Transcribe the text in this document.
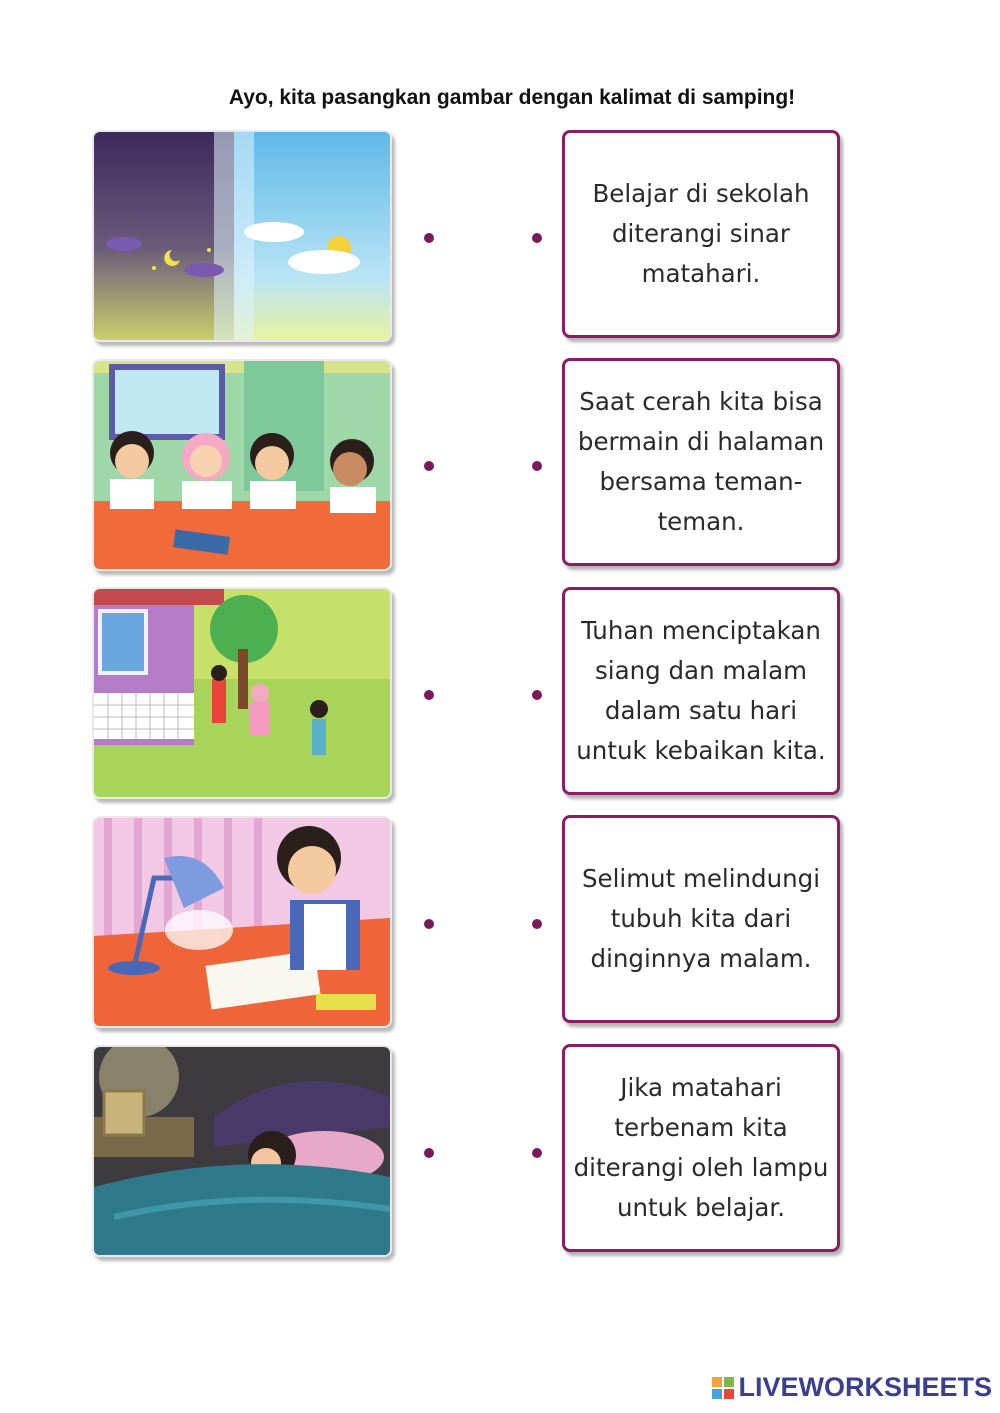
Ayo, kita pasangkan gambar dengan kalimat di samping!
Belajar di sekolah diterangi sinar matahari.
Saat cerah kita bisa bermain di halaman bersama teman-teman.
Tuhan menciptakan siang dan malam dalam satu hari untuk kebaikan kita.
Selimut melindungi tubuh kita dari dinginnya malam.
Jika matahari terbenam kita diterangi oleh lampu untuk belajar.
LIVEWORKSHEETS
